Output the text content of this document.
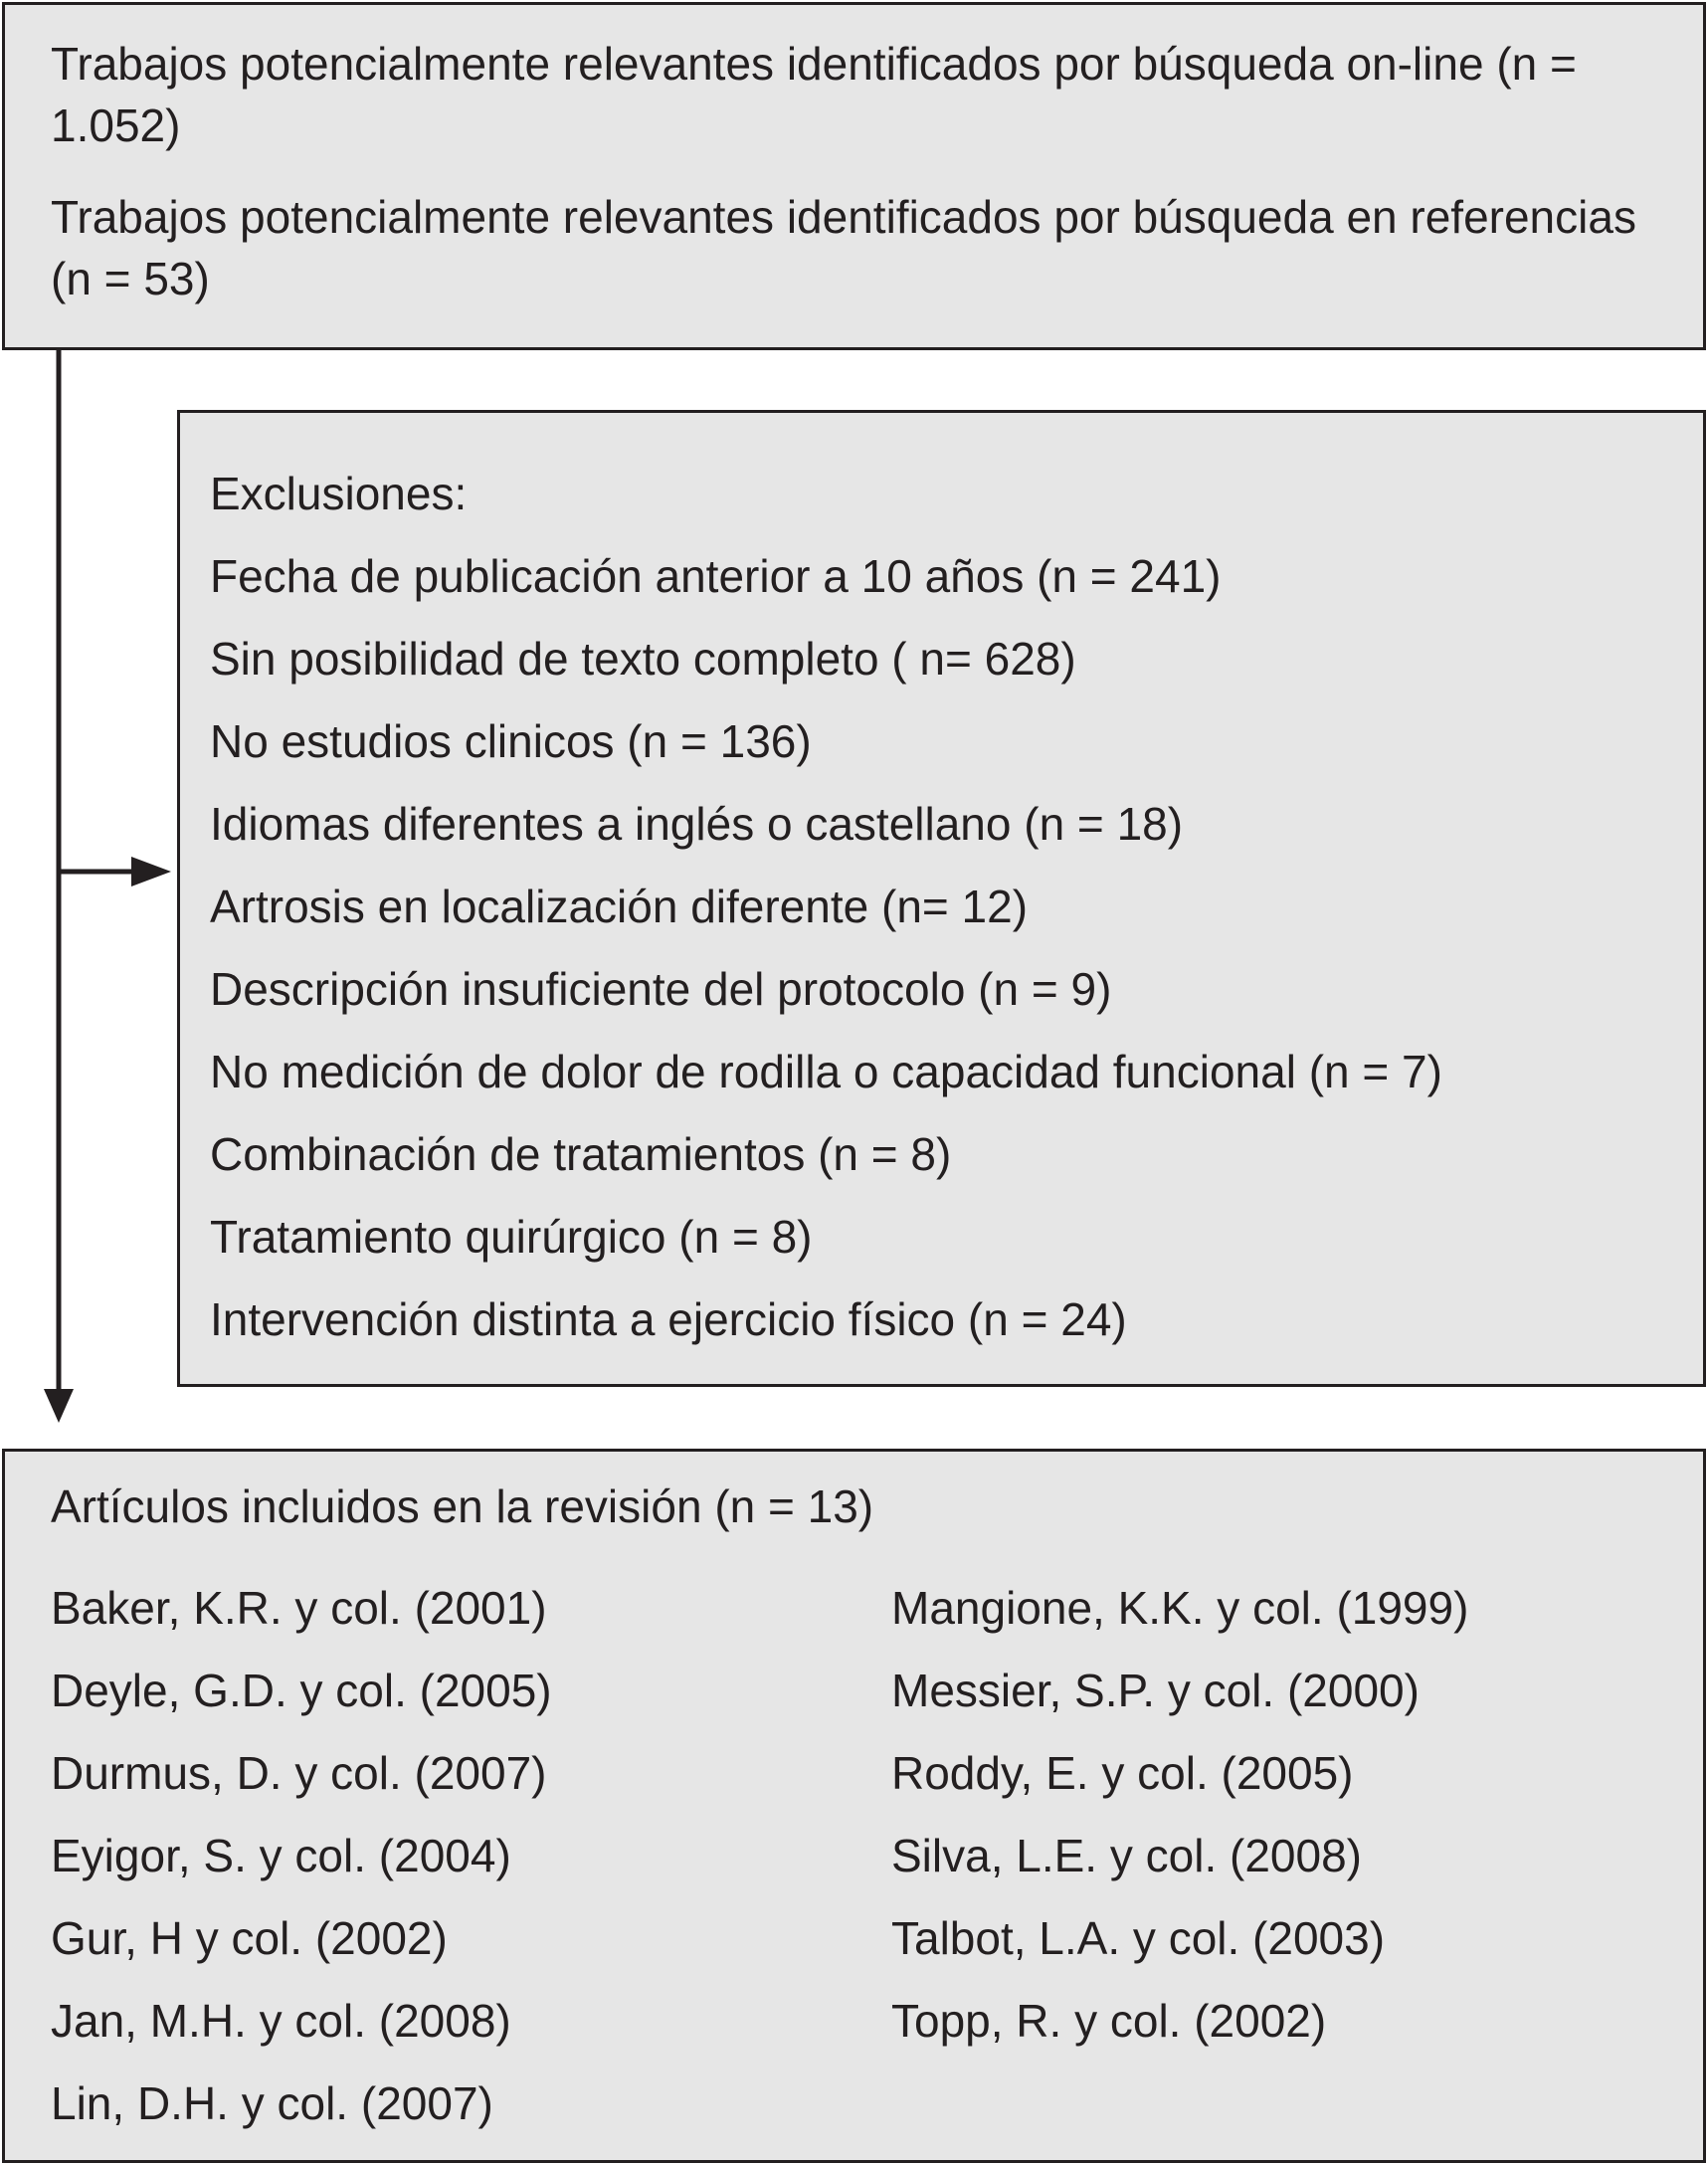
Trabajos potencialmente relevantes identificados por búsqueda on-line (n = 1.052)

Trabajos potencialmente relevantes identificados por búsqueda en referencias (n = 53)

Exclusiones:
Fecha de publicación anterior a 10 años (n = 241)
Sin posibilidad de texto completo ( n= 628)
No estudios clinicos (n = 136)
Idiomas diferentes a inglés o castellano (n = 18)
Artrosis en localización diferente (n= 12)
Descripción insuficiente del protocolo (n = 9)
No medición de dolor de rodilla o capacidad funcional (n = 7)
Combinación de tratamientos (n = 8)
Tratamiento quirúrgico (n = 8)
Intervención distinta a ejercicio físico (n = 24)
Artículos incluidos en la revisión (n = 13)
Baker, K.R. y col. (2001)
Deyle, G.D. y col. (2005)
Durmus, D. y col. (2007)
Eyigor, S. y col. (2004)
Gur, H y col. (2002)
Jan, M.H. y col. (2008)
Lin, D.H. y col. (2007)
Mangione, K.K. y col. (1999)
Messier, S.P. y col. (2000)
Roddy, E. y col. (2005)
Silva, L.E. y col. (2008)
Talbot, L.A. y col. (2003)
Topp, R. y col. (2002)
